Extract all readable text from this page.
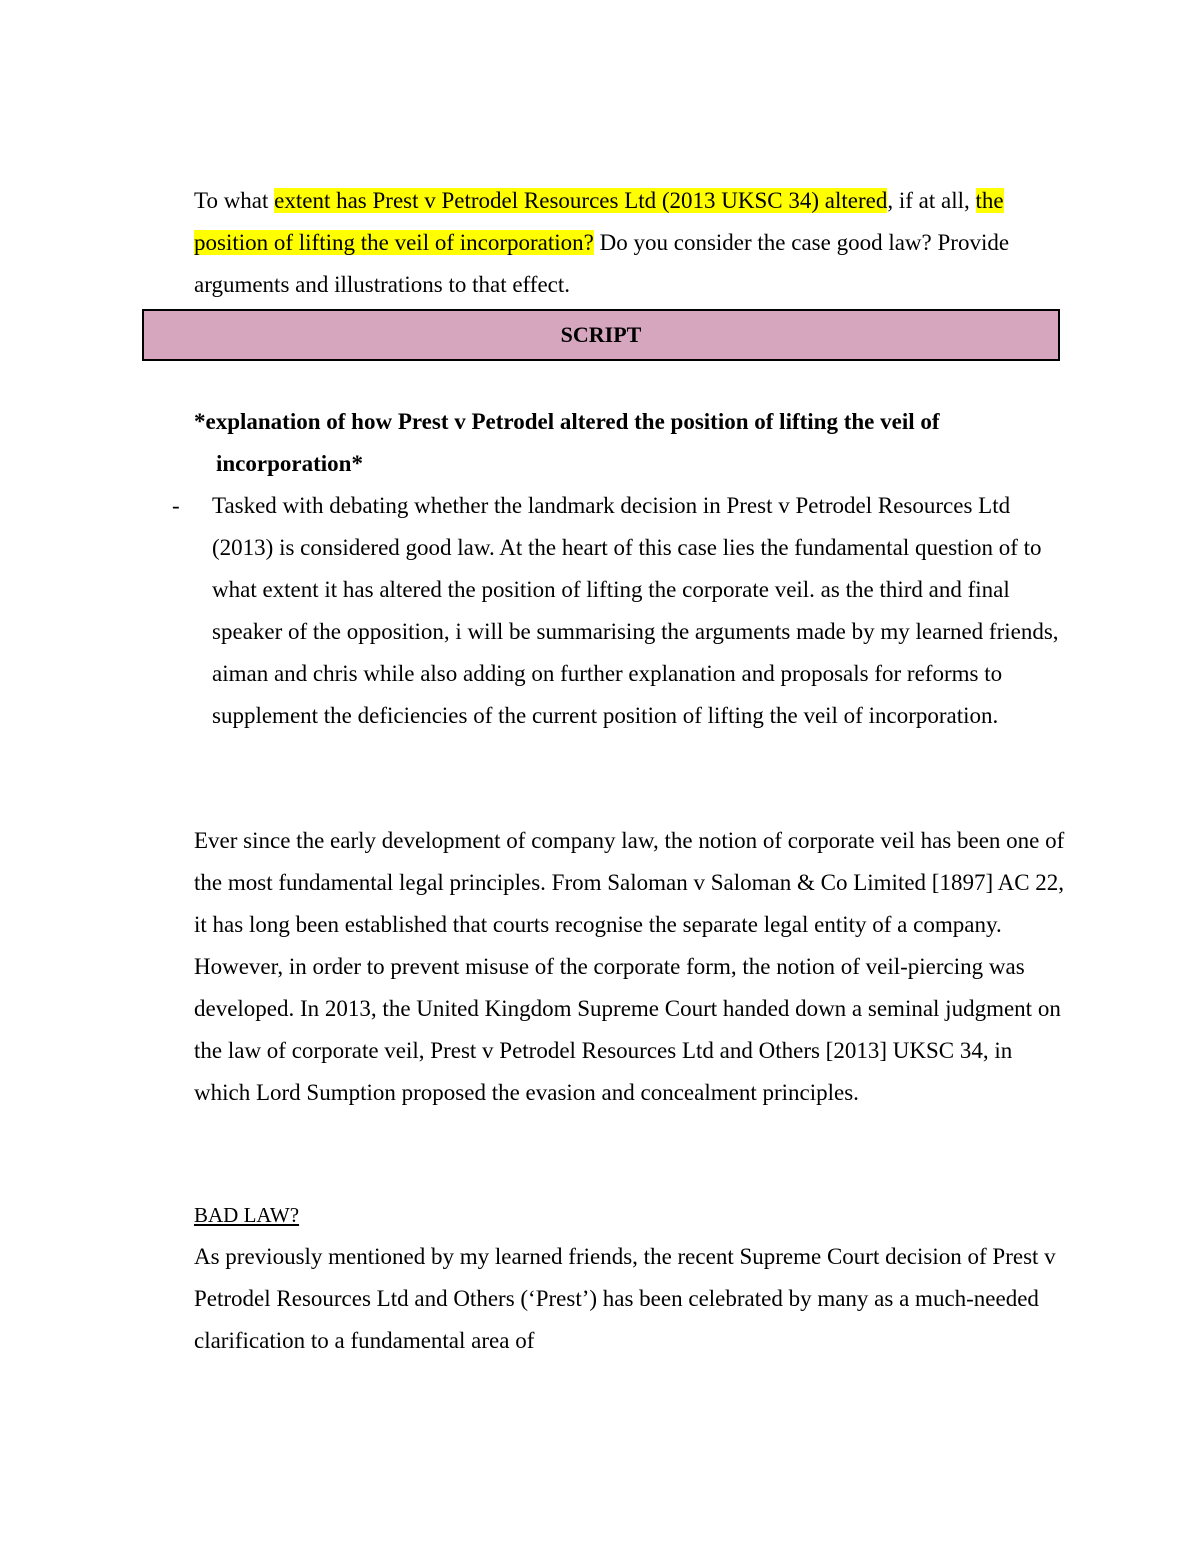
To what extent has Prest v Petrodel Resources Ltd (2013 UKSC 34) altered, if at all, the position of lifting the veil of incorporation? Do you consider the case good law? Provide arguments and illustrations to that effect.

SCRIPT

*explanation of how Prest v Petrodel altered the position of lifting the veil of
incorporation*

- Tasked with debating whether the landmark decision in Prest v Petrodel Resources Ltd (2013) is considered good law. At the heart of this case lies the fundamental question of to what extent it has altered the position of lifting the corporate veil. as the third and final speaker of the opposition, i will be summarising the arguments made by my learned friends, aiman and chris while also adding on further explanation and proposals for reforms to supplement the deficiencies of the current position of lifting the veil of incorporation.

Ever since the early development of company law, the notion of corporate veil has been one of the most fundamental legal principles. From Saloman v Saloman & Co Limited [1897] AC 22, it has long been established that courts recognise the separate legal entity of a company. However, in order to prevent misuse of the corporate form, the notion of veil-piercing was developed. In 2013, the United Kingdom Supreme Court handed down a seminal judgment on the law of corporate veil, Prest v Petrodel Resources Ltd and Others [2013] UKSC 34, in which Lord Sumption proposed the evasion and concealment principles.

BAD LAW?

As previously mentioned by my learned friends, the recent Supreme Court decision of Prest v Petrodel Resources Ltd and Others (‘Prest’) has been celebrated by many as a much-needed clarification to a fundamental area of
